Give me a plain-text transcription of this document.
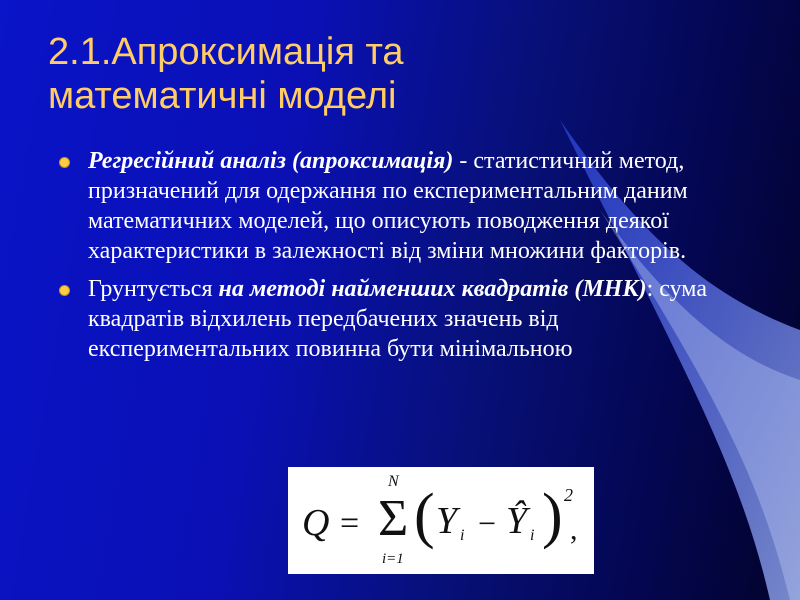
2.1.Апроксимація та
математичні моделі
Регресійний аналіз (апроксимація) - статистичний метод, призначений для одержання по експериментальним даним математичних моделей, що описують поводження деякої характеристики в залежності від зміни множини факторів.
Грунтується на методі найменших квадратів (МНК): сума квадратів відхилень передбачених значень від експериментальних повинна бути мінімальною
Q = Σ
N
i=1
( Y i − Ŷ i ) 2
,
